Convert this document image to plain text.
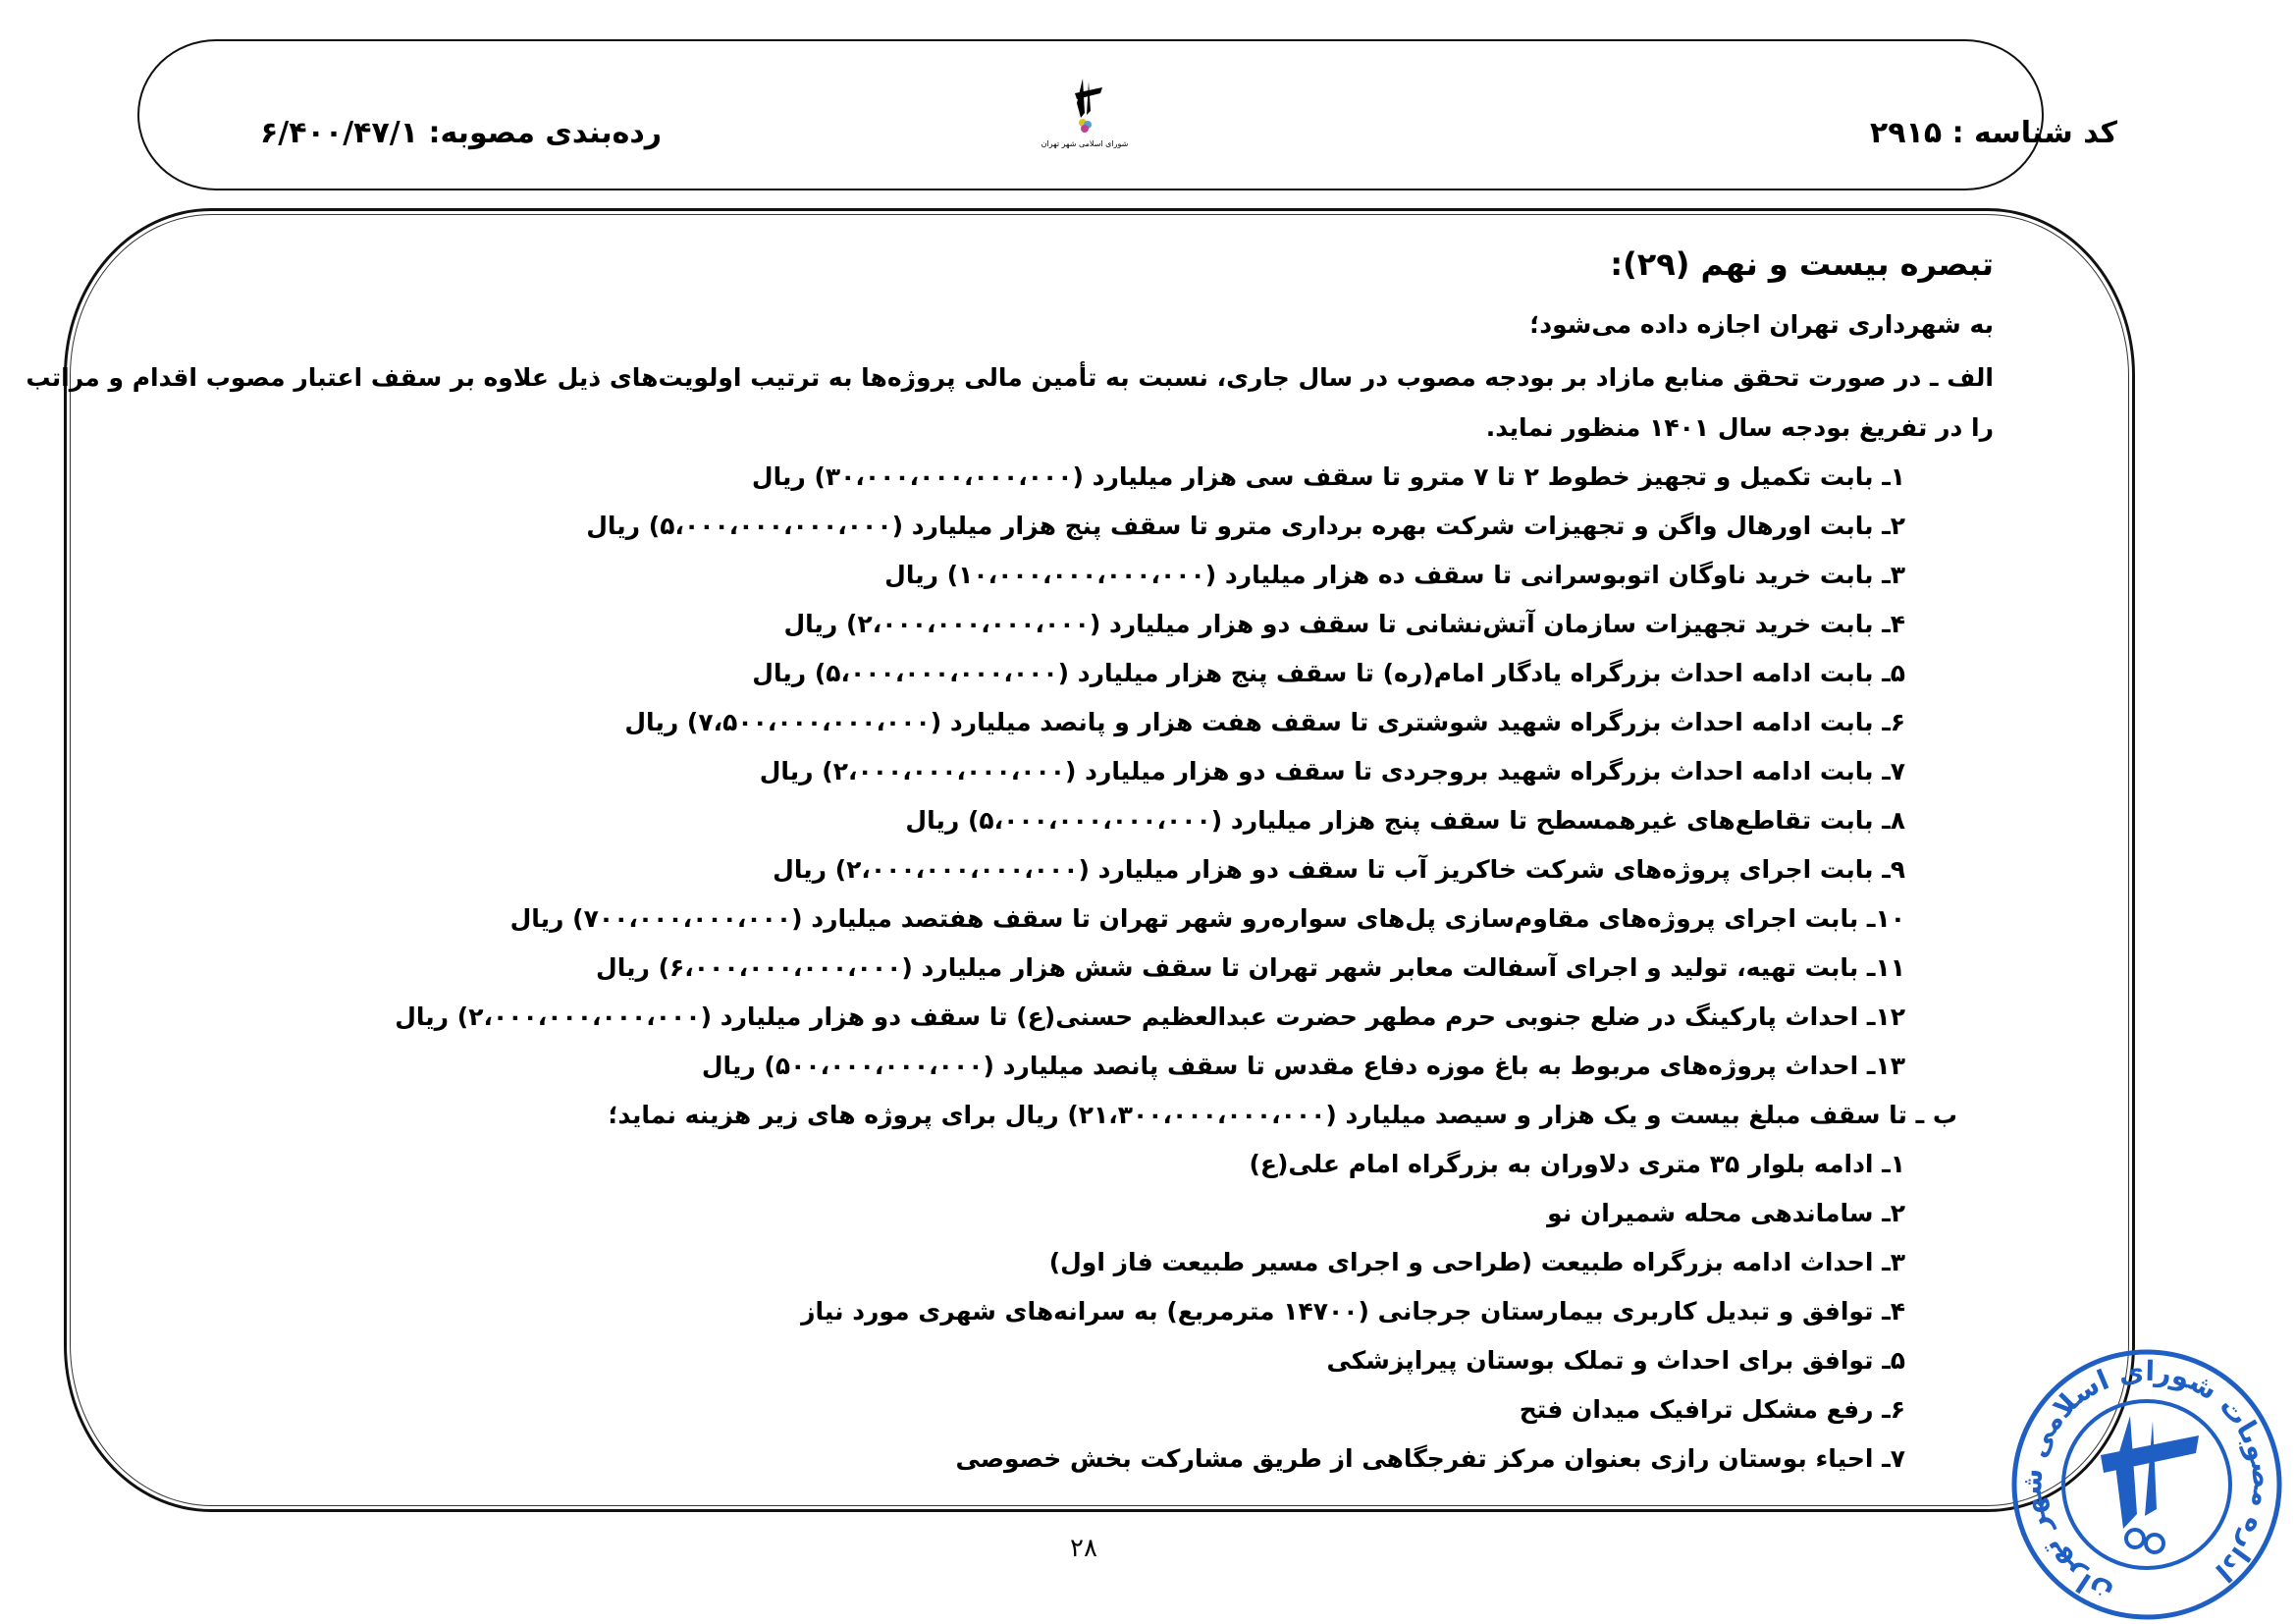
کد شناسه : ۲۹۱۵
رده‌بندی مصوبه: ۶/۴۰۰/۴۷/۱	شورای اسلامی شهر تهران
تبصره بیست و نهم (۲۹):
به شهرداری تهران اجازه داده می‌شود؛
الف ـ در صورت تحقق منابع مازاد بر بودجه مصوب در سال جاری، نسبت به تأمین مالی پروژه‌ها به ترتیب اولویت‌های ذیل علاوه بر سقف اعتبار مصوب اقدام و مراتب
را در تفریغ بودجه سال ۱۴۰۱ منظور نماید.
۱ـ بابت تکمیل و تجهیز خطوط ۲ تا ۷ مترو تا سقف سی هزار میلیارد (۳۰،۰۰۰،۰۰۰،۰۰۰،۰۰۰) ریال
۲ـ بابت اورهال واگن و تجهیزات شرکت بهره برداری مترو تا سقف پنج هزار میلیارد (۵،۰۰۰،۰۰۰،۰۰۰،۰۰۰) ریال
۳ـ بابت خرید ناوگان اتوبوسرانی تا سقف ده هزار میلیارد (۱۰،۰۰۰،۰۰۰،۰۰۰،۰۰۰) ریال
۴ـ بابت خرید تجهیزات سازمان آتش‌نشانی تا سقف دو هزار میلیارد (۲،۰۰۰،۰۰۰،۰۰۰،۰۰۰) ریال
۵ـ بابت ادامه احداث بزرگراه یادگار امام(ره) تا سقف پنج هزار میلیارد (۵،۰۰۰،۰۰۰،۰۰۰،۰۰۰) ریال
۶ـ بابت ادامه احداث بزرگراه شهید شوشتری تا سقف هفت هزار و پانصد میلیارد (۷،۵۰۰،۰۰۰،۰۰۰،۰۰۰) ریال
۷ـ بابت ادامه احداث بزرگراه شهید بروجردی تا سقف دو هزار میلیارد (۲،۰۰۰،۰۰۰،۰۰۰،۰۰۰) ریال
۸ـ بابت تقاطع‌های غیرهمسطح تا سقف پنج هزار میلیارد (۵،۰۰۰،۰۰۰،۰۰۰،۰۰۰) ریال
۹ـ بابت اجرای پروژه‌های شرکت خاکریز آب تا سقف دو هزار میلیارد (۲،۰۰۰،۰۰۰،۰۰۰،۰۰۰) ریال
۱۰ـ بابت اجرای پروژه‌های مقاوم‌سازی پل‌های سواره‌رو شهر تهران تا سقف هفتصد میلیارد (۷۰۰،۰۰۰،۰۰۰،۰۰۰) ریال
۱۱ـ بابت تهیه، تولید و اجرای آسفالت معابر شهر تهران تا سقف شش هزار میلیارد (۶،۰۰۰،۰۰۰،۰۰۰،۰۰۰) ریال
۱۲ـ احداث پارکینگ در ضلع جنوبی حرم مطهر حضرت عبدالعظیم حسنی(ع) تا سقف دو هزار میلیارد (۲،۰۰۰،۰۰۰،۰۰۰،۰۰۰) ریال
۱۳ـ احداث پروژه‌های مربوط به باغ موزه دفاع مقدس تا سقف پانصد میلیارد (۵۰۰،۰۰۰،۰۰۰،۰۰۰) ریال
ب ـ تا سقف مبلغ بیست و یک هزار و سیصد میلیارد (۲۱،۳۰۰،۰۰۰،۰۰۰،۰۰۰) ریال برای پروژه های زیر هزینه نماید؛
۱ـ ادامه بلوار ۳۵ متری دلاوران به بزرگراه امام علی(ع)
۲ـ ساماندهی محله شمیران نو
۳ـ احداث ادامه بزرگراه طبیعت (طراحی و اجرای مسیر طبیعت فاز اول)
۴ـ توافق و تبدیل کاربری بیمارستان جرجانی (۱۴۷۰۰ مترمربع) به سرانه‌های شهری مورد نیاز
۵ـ توافق برای احداث و تملک بوستان پیراپزشکی
۶ـ رفع مشکل ترافیک میدان فتح
۷ـ احیاء بوستان رازی بعنوان مرکز تفرجگاهی از طریق مشارکت بخش خصوصی
۲۸
اداره مصوبات شورای اسلامی شهر تهران
